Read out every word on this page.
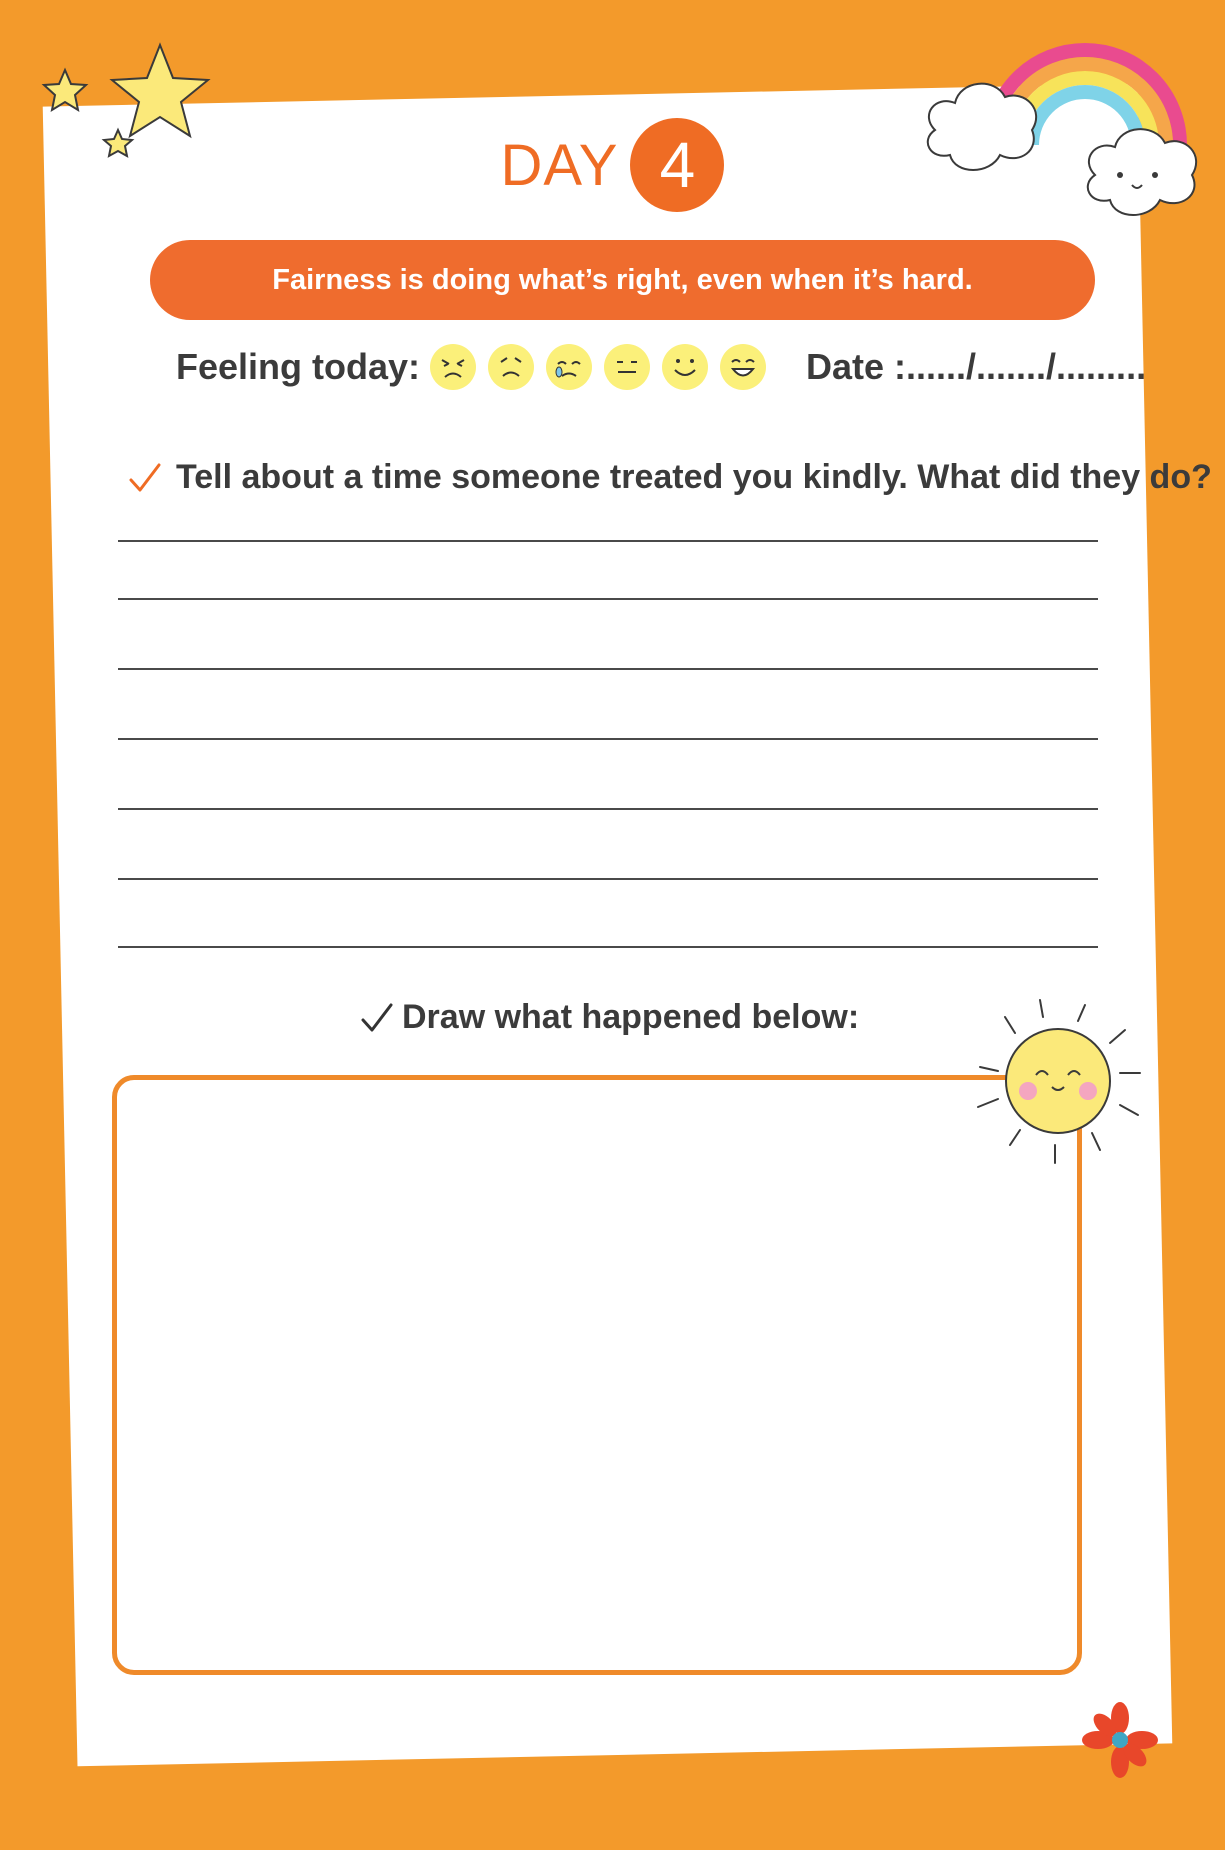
DAY 4
Fairness is doing what’s right, even when it’s hard.
Feeling today:	Date :....../......./.........
Tell about a time someone treated you kindly. What did they do?
Draw what happened below:
